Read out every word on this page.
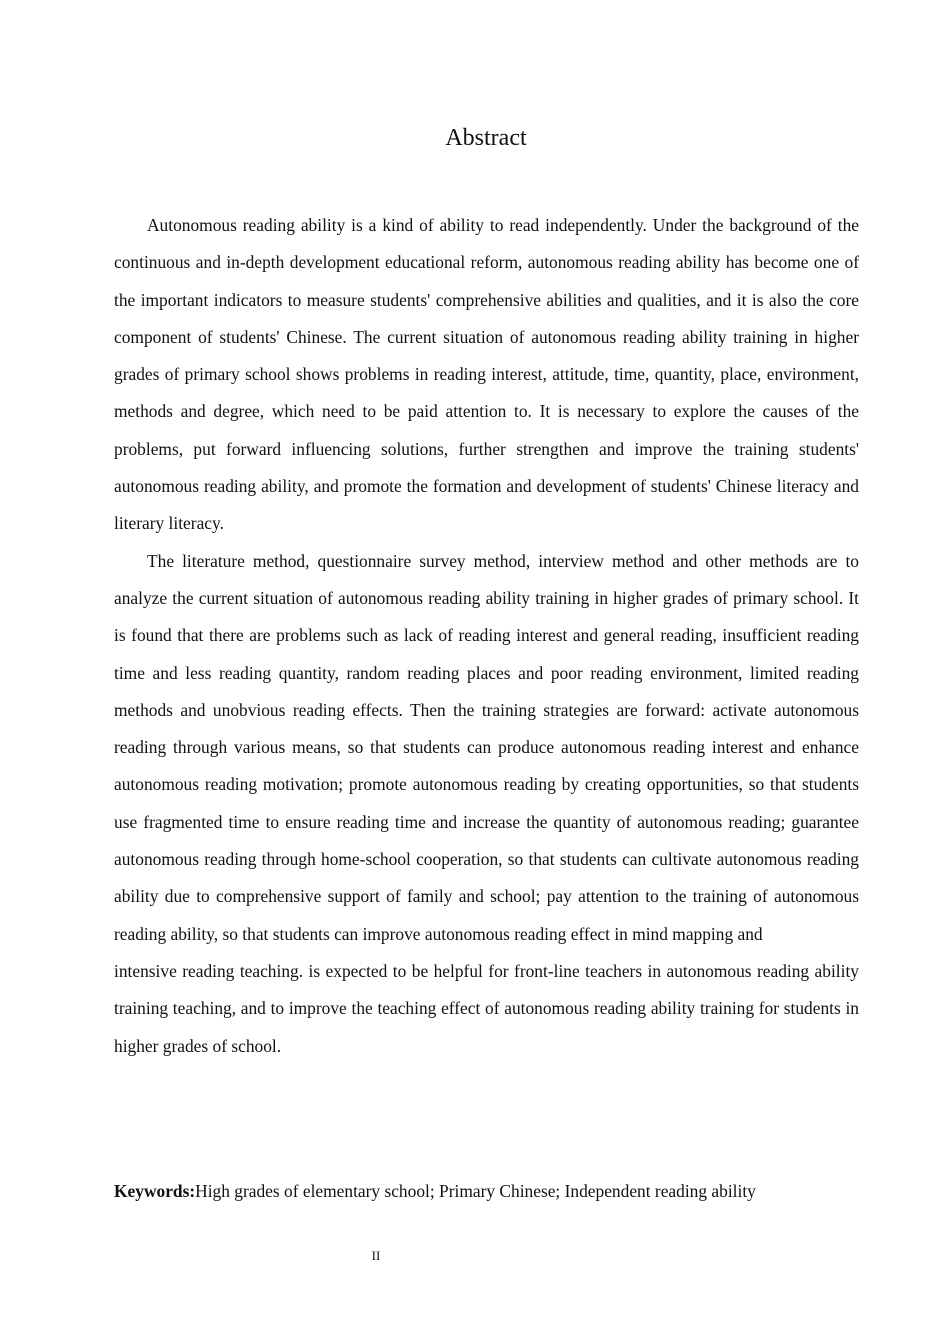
Abstract

Autonomous reading ability is a kind of ability to read independently. Under the background of the continuous and in-depth development educational reform, autonomous reading ability has become one of the important indicators to measure students' comprehensive abilities and qualities, and it is also the core component of students' Chinese. The current situation of autonomous reading ability training in higher grades of primary school shows problems in reading interest, attitude, time, quantity, place, environment, methods and degree, which need to be paid attention to. It is necessary to explore the causes of the problems, put forward influencing solutions, further strengthen and improve the training students' autonomous reading ability, and promote the formation and development of students' Chinese literacy and literary literacy.

The literature method, questionnaire survey method, interview method and other methods are to analyze the current situation of autonomous reading ability training in higher grades of primary school. It is found that there are problems such as lack of reading interest and general reading, insufficient reading time and less reading quantity, random reading places and poor reading environment, limited reading methods and unobvious reading effects. Then the training strategies are forward: activate autonomous reading through various means, so that students can produce autonomous reading interest and enhance autonomous reading motivation; promote autonomous reading by creating opportunities, so that students use fragmented time to ensure reading time and increase the quantity of autonomous reading; guarantee autonomous reading through home-school cooperation, so that students can cultivate autonomous reading ability due to comprehensive support of family and school; pay attention to the training of autonomous reading ability, so that students can improve autonomous reading effect in mind mapping and

intensive reading teaching. is expected to be helpful for front-line teachers in autonomous reading ability training teaching, and to improve the teaching effect of autonomous reading ability training for students in higher grades of school.

Keywords:High grades of elementary school; Primary Chinese; Independent reading ability
II
